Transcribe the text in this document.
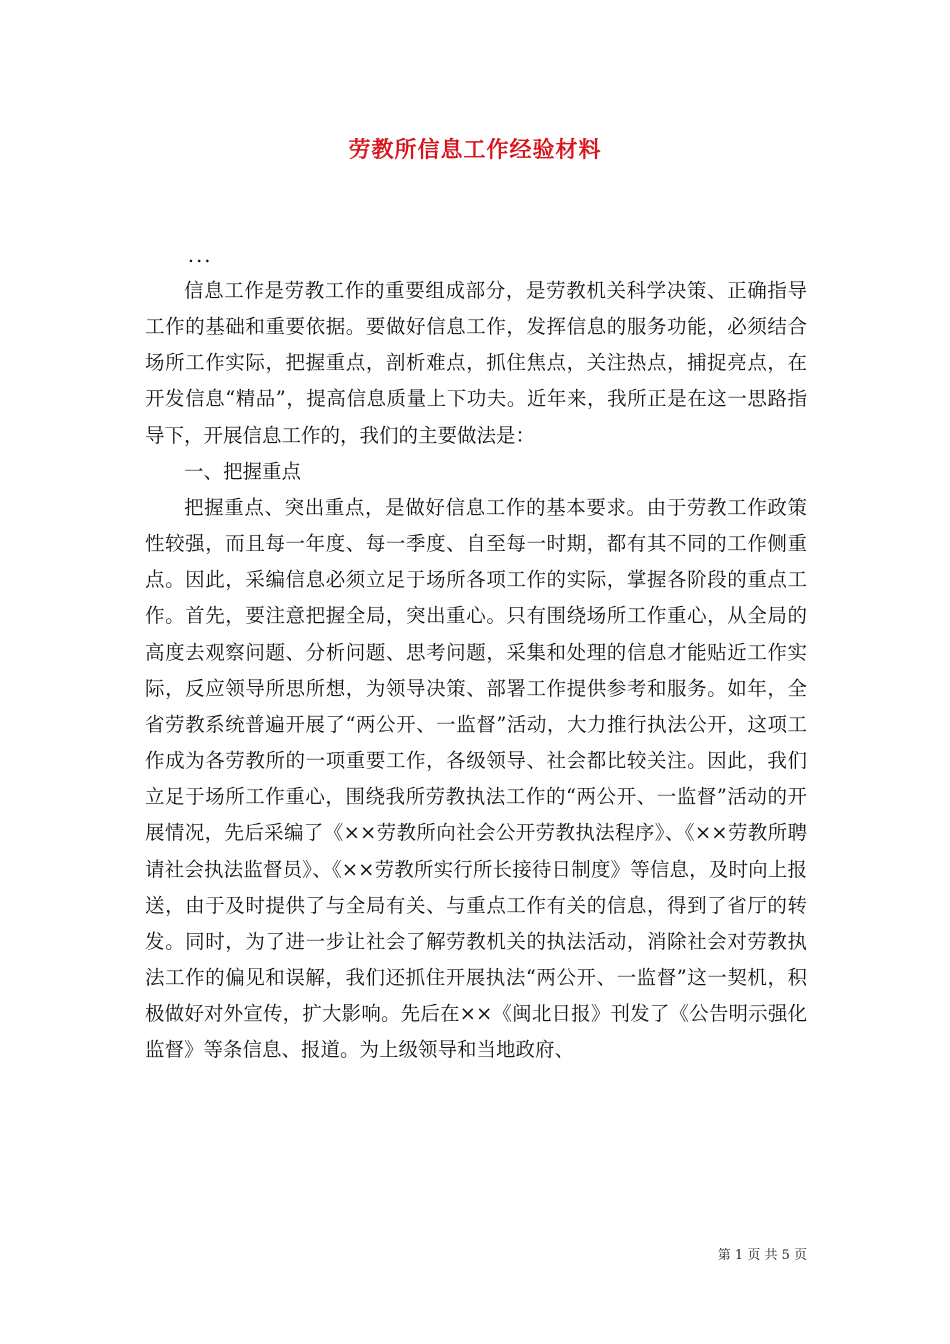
劳教所信息工作经验材料

...

信息工作是劳教工作的重要组成部分，是劳教机关科学决策、正确指导工作的基础和重要依据。要做好信息工作，发挥信息的服务功能，必须结合场所工作实际，把握重点，剖析难点，抓住焦点，关注热点，捕捉亮点，在开发信息“精品”，提高信息质量上下功夫。近年来，我所正是在这一思路指导下，开展信息工作的，我们的主要做法是：

一、把握重点

把握重点、突出重点，是做好信息工作的基本要求。由于劳教工作政策性较强，而且每一年度、每一季度、自至每一时期，都有其不同的工作侧重点。因此，采编信息必须立足于场所各项工作的实际，掌握各阶段的重点工作。首先，要注意把握全局，突出重心。只有围绕场所工作重心，从全局的高度去观察问题、分析问题、思考问题，采集和处理的信息才能贴近工作实际，反应领导所思所想，为领导决策、部署工作提供参考和服务。如年，全省劳教系统普遍开展了“两公开、一监督”活动，大力推行执法公开，这项工作成为各劳教所的一项重要工作，各级领导、社会都比较关注。因此，我们立足于场所工作重心，围绕我所劳教执法工作的“两公开、一监督”活动的开展情况，先后采编了《××劳教所向社会公开劳教执法程序》、《××劳教所聘请社会执法监督员》、《××劳教所实行所长接待日制度》等信息，及时向上报送，由于及时提供了与全局有关、与重点工作有关的信息，得到了省厅的转发。同时，为了进一步让社会了解劳教机关的执法活动，消除社会对劳教执法工作的偏见和误解，我们还抓住开展执法“两公开、一监督”这一契机，积极做好对外宣传，扩大影响。先后在××《闽北日报》刊发了《公告明示强化监督》等条信息、报道。为上级领导和当地政府、

第 1 页 共 5 页
